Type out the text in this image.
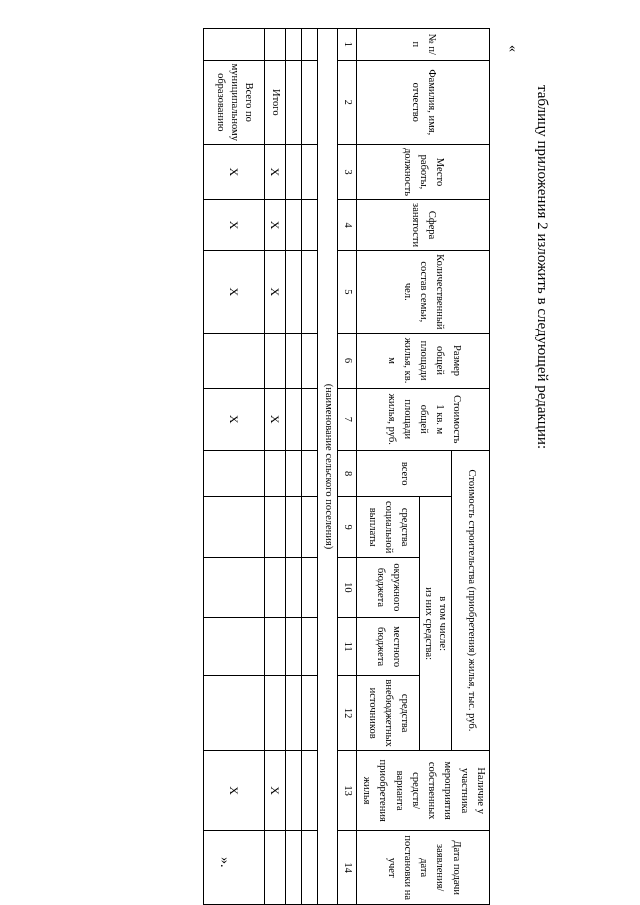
«
таблицу приложения 2 изложить в следующей редакции:
№ п/п	Фамилия, имя, отчество	Место работы, должность	Сфера занятости	Количественный состав семьи, чел.	Размер общей площади жилья, кв. м	Стоимость 1 кв. м общей площади жилья, руб.	Стоимость строительства (приобретения) жилья, тыс. руб.					Наличие у участника мероприятия собственных средств/ варианта приобретения жилья	Дата подачи заявления/ дата постановки на учет
							всего	в том числе:
из них средства:					

								средства социальной выплаты	окружного бюджета	местного бюджета	средства внебюджетных источников		
1	2	3	4	5	6	7	8	9	10	11	12	13	14
(наименование сельского поселения)													

	Итого	Х	Х	Х		Х						Х	
	Всего по муниципальному образованию	Х	Х	Х		Х						Х	
».
